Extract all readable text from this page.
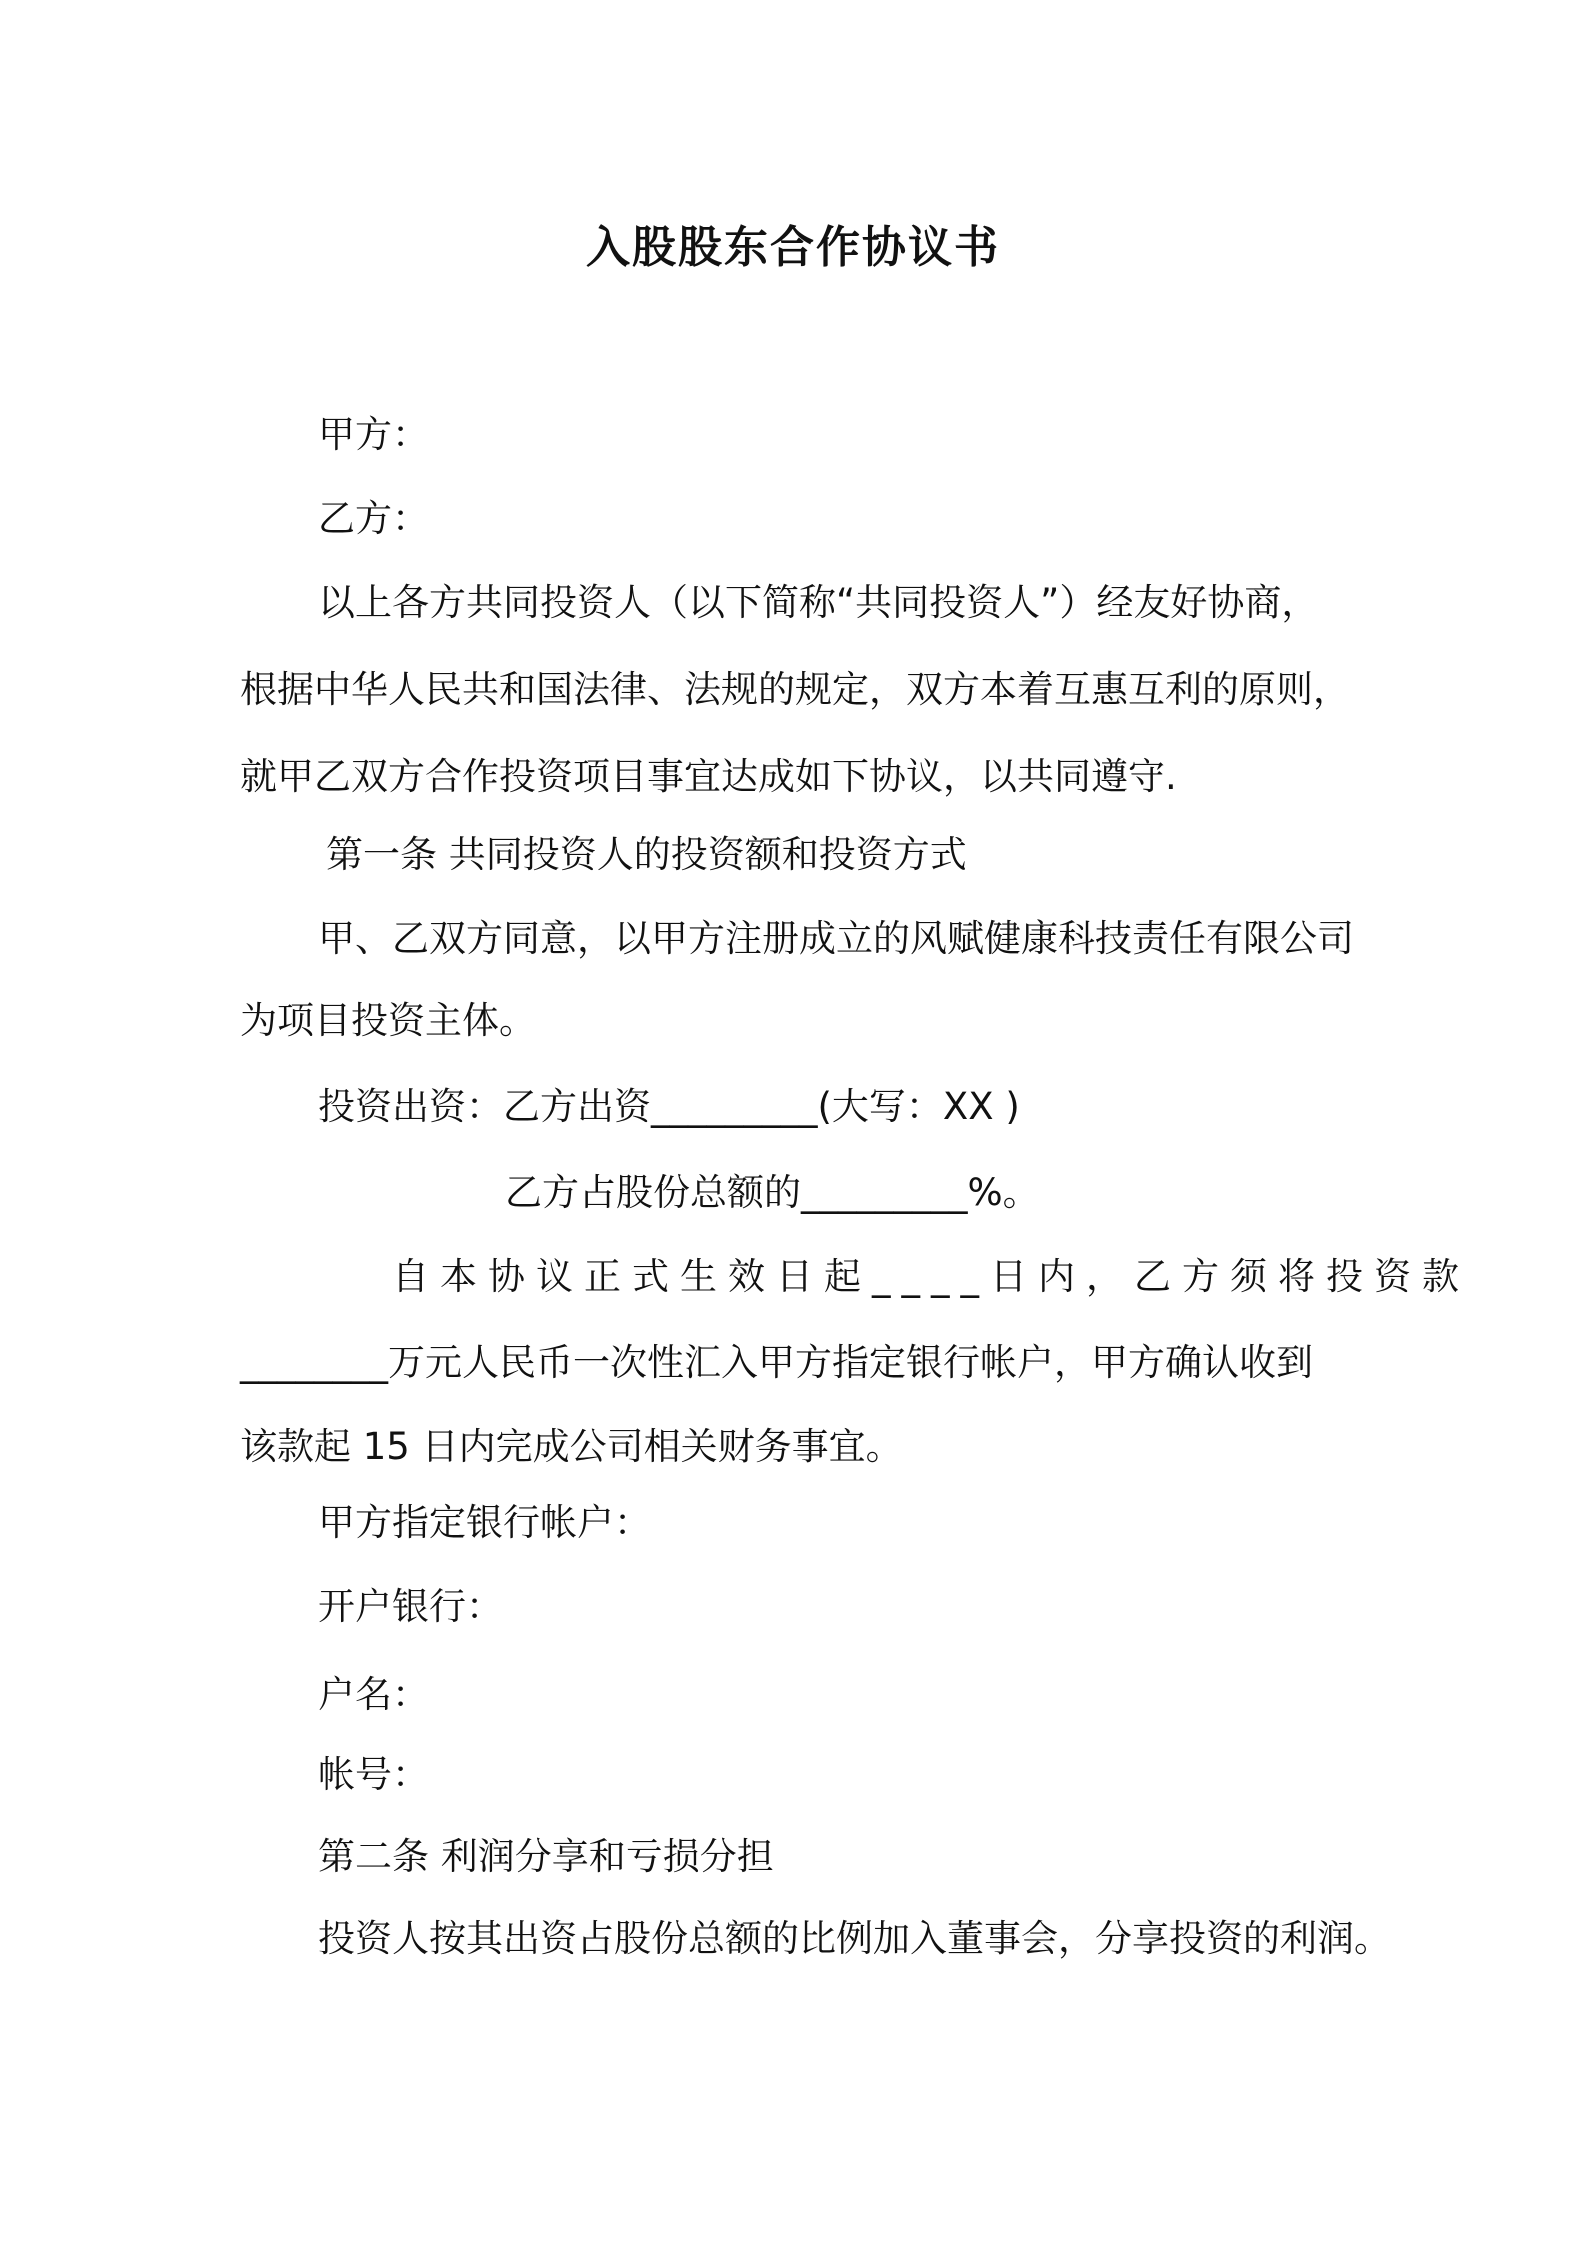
入股股东合作协议书
甲方：
乙方：
以上各方共同投资人（以下简称“共同投资人”）经友好协商，
根据中华人民共和国法律、法规的规定，双方本着互惠互利的原则，
就甲乙双方合作投资项目事宜达成如下协议，以共同遵守.
第一条 共同投资人的投资额和投资方式
甲、乙双方同意，以甲方注册成立的风赋健康科技责任有限公司
为项目投资主体。
投资出资：乙方出资_________(大写：XX )
乙方占股份总额的_________%。
自本协议正式生效日起____日内，乙方须将投资款
________万元人民币一次性汇入甲方指定银行帐户，甲方确认收到
该款起 15 日内完成公司相关财务事宜。
甲方指定银行帐户：
开户银行：
户名：
帐号：
第二条 利润分享和亏损分担
投资人按其出资占股份总额的比例加入董事会，分享投资的利润。
